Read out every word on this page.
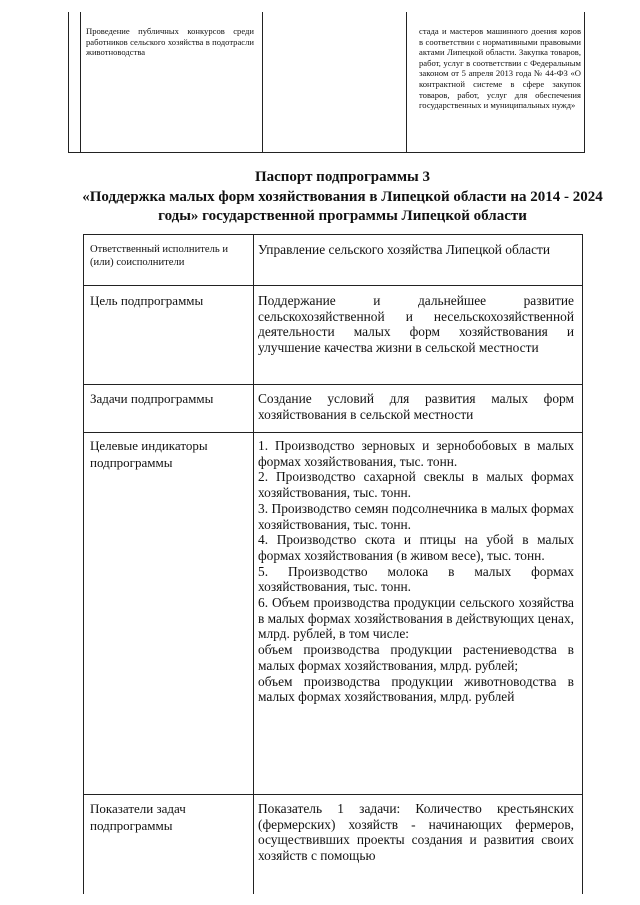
Проведение публичных конкурсов среди работников сельского хозяйства в подотрасли животноводства
стада и мастеров машинного доения коров в соответствии с нормативными правовыми актами Липецкой области. Закупка товаров, работ, услуг в соответствии с Федеральным законом от 5 апреля 2013 года № 44-ФЗ «О контрактной системе в сфере закупок товаров, работ, услуг для обеспечения государственных и муниципальных нужд»
Паспорт подпрограммы 3
«Поддержка малых форм хозяйствования в Липецкой области на 2014 - 2024 годы» государственной программы Липецкой области
Ответственный исполнитель и (или) соисполнители

Управление сельского хозяйства Липецкой области

Цель подпрограммы	Поддержание и дальнейшее развитие сельскохозяйственной и несельскохозяйственной деятельности малых форм хозяйствования и улучшение качества жизни в сельской местности

Задачи подпрограммы	Создание условий для развития малых форм хозяйствования в сельской местности

Целевые индикаторы подпрограммы

1. Производство зерновых и зернобобовых в малых формах хозяйствования, тыс. тонн.

2. Производство сахарной свеклы в малых формах хозяйствования, тыс. тонн.

3. Производство семян подсолнечника в малых формах хозяйствования, тыс. тонн.

4. Производство скота и птицы на убой в малых формах хозяйствования (в живом весе), тыс. тонн.

5. Производство молока в малых формах хозяйствования, тыс. тонн.

6. Объем производства продукции сельского хозяйства в малых формах хозяйствования в действующих ценах, млрд. рублей, в том числе:

объем производства продукции растениеводства в малых формах хозяйствования, млрд. рублей;

объем производства продукции животноводства в малых формах хозяйствования, млрд. рублей

Показатели задач подпрограммы

Показатель 1 задачи: Количество крестьянских (фермерских) хозяйств - начинающих фермеров, осуществивших проекты создания и развития своих хозяйств с помощью
